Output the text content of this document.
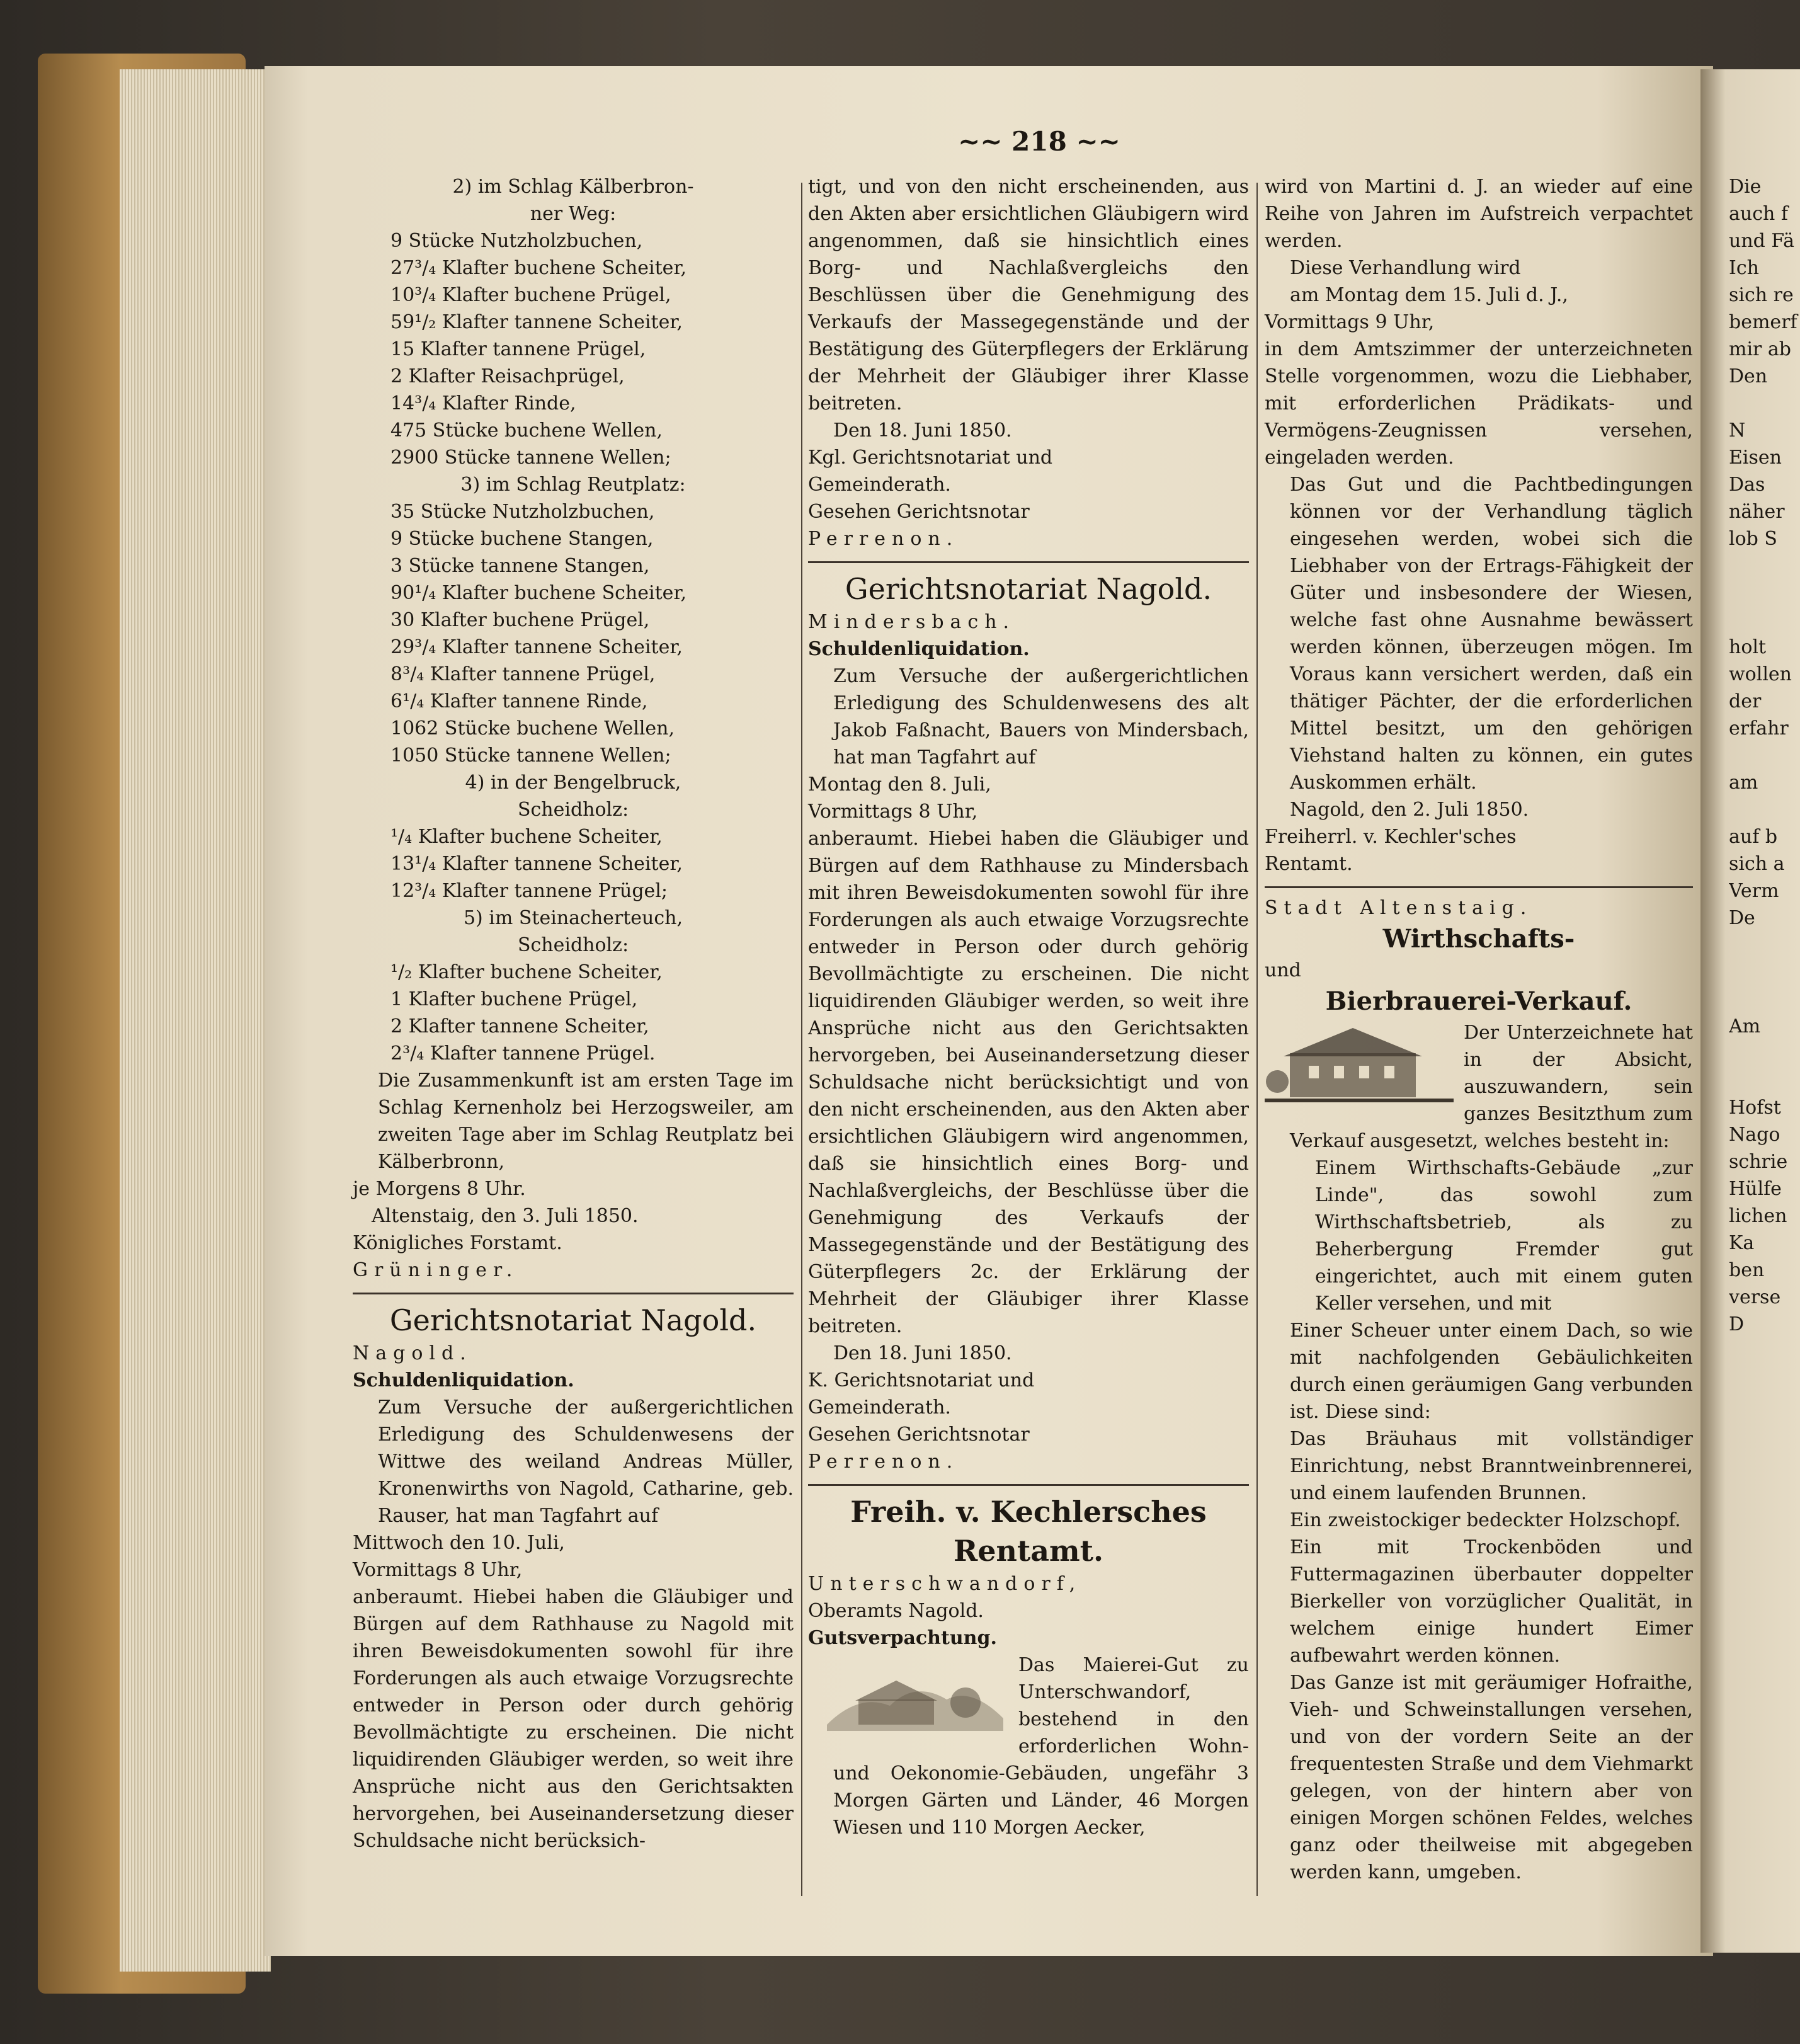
~~ 218 ~~

2) im Schlag Kälberbron-

ner Weg:

9 Stücke Nutzholzbuchen,

27³/₄ Klafter buchene Scheiter,

10³/₄ Klafter buchene Prügel,

59¹/₂ Klafter tannene Scheiter,

15 Klafter tannene Prügel,

2 Klafter Reisachprügel,

14³/₄ Klafter Rinde,

475 Stücke buchene Wellen,

2900 Stücke tannene Wellen;

3) im Schlag Reutplatz:

35 Stücke Nutzholzbuchen,

9 Stücke buchene Stangen,

3 Stücke tannene Stangen,

90¹/₄ Klafter buchene Scheiter,

30 Klafter buchene Prügel,

29³/₄ Klafter tannene Scheiter,

8³/₄ Klafter tannene Prügel,

6¹/₄ Klafter tannene Rinde,

1062 Stücke buchene Wellen,

1050 Stücke tannene Wellen;

4) in der Bengelbruck,

Scheidholz:

¹/₄ Klafter buchene Scheiter,

13¹/₄ Klafter tannene Scheiter,

12³/₄ Klafter tannene Prügel;

5) im Steinacherteuch,

Scheidholz:

¹/₂ Klafter buchene Scheiter,

1 Klafter buchene Prügel,

2 Klafter tannene Scheiter,

2³/₄ Klafter tannene Prügel.

Die Zusammenkunft ist am ersten Tage im Schlag Kernenholz bei Herzogsweiler, am zweiten Tage aber im Schlag Reutplatz bei Kälberbronn,

je Morgens 8 Uhr.

Altenstaig, den 3. Juli 1850.

Königliches Forstamt.

Grüninger.

Gerichtsnotariat Nagold.

Nagold.

Schuldenliquidation.

Zum Versuche der außergerichtlichen Erledigung des Schuldenwesens der Wittwe des weiland Andreas Müller, Kronenwirths von Nagold, Catharine, geb. Rauser, hat man Tagfahrt auf

Mittwoch den 10. Juli,

Vormittags 8 Uhr,

anberaumt. Hiebei haben die Gläubiger und Bürgen auf dem Rathhause zu Nagold mit ihren Beweisdokumenten sowohl für ihre Forderungen als auch etwaige Vorzugsrechte entweder in Person oder durch gehörig Bevollmächtigte zu erscheinen. Die nicht liquidirenden Gläubiger werden, so weit ihre Ansprüche nicht aus den Gerichtsakten hervorgehen, bei Auseinandersetzung dieser Schuldsache nicht berücksich-

tigt, und von den nicht erscheinenden, aus den Akten aber ersichtlichen Gläubigern wird angenommen, daß sie hinsichtlich eines Borg- und Nachlaßvergleichs den Beschlüssen über die Genehmigung des Verkaufs der Massegegenstände und der Bestätigung des Güterpflegers der Erklärung der Mehrheit der Gläubiger ihrer Klasse beitreten.

Den 18. Juni 1850.

Kgl. Gerichtsnotariat und

Gemeinderath.

Gesehen Gerichtsnotar

Perrenon.

Gerichtsnotariat Nagold.

Mindersbach.

Schuldenliquidation.

Zum Versuche der außergerichtlichen Erledigung des Schuldenwesens des alt Jakob Faßnacht, Bauers von Mindersbach, hat man Tagfahrt auf

Montag den 8. Juli,

Vormittags 8 Uhr,

anberaumt. Hiebei haben die Gläubiger und Bürgen auf dem Rathhause zu Mindersbach mit ihren Beweisdokumenten sowohl für ihre Forderungen als auch etwaige Vorzugsrechte entweder in Person oder durch gehörig Bevollmächtigte zu erscheinen. Die nicht liquidirenden Gläubiger werden, so weit ihre Ansprüche nicht aus den Gerichtsakten hervorgeben, bei Auseinandersetzung dieser Schuldsache nicht berücksichtigt und von den nicht erscheinenden, aus den Akten aber ersichtlichen Gläubigern wird angenommen, daß sie hinsichtlich eines Borg- und Nachlaßvergleichs, der Beschlüsse über die Genehmigung des Verkaufs der Massegegenstände und der Bestätigung des Güterpflegers 2c. der Erklärung der Mehrheit der Gläubiger ihrer Klasse beitreten.

Den 18. Juni 1850.

K. Gerichtsnotariat und

Gemeinderath.

Gesehen Gerichtsnotar

Perrenon.

Freih. v. Kechlersches Rentamt.

Unterschwandorf,

Oberamts Nagold.

Gutsverpachtung.

Das Maierei-Gut zu Unterschwandorf, bestehend in den erforderlichen Wohn- und Oekonomie-Gebäuden, ungefähr 3 Morgen Gärten und Länder, 46 Morgen Wiesen und 110 Morgen Aecker,

wird von Martini d. J. an wieder auf eine Reihe von Jahren im Aufstreich verpachtet werden.

Diese Verhandlung wird

am Montag dem 15. Juli d. J.,

Vormittags 9 Uhr,

in dem Amtszimmer der unterzeichneten Stelle vorgenommen, wozu die Liebhaber, mit erforderlichen Prädikats- und Vermögens-Zeugnissen versehen, eingeladen werden.

Das Gut und die Pachtbedingungen können vor der Verhandlung täglich eingesehen werden, wobei sich die Liebhaber von der Ertrags-Fähigkeit der Güter und insbesondere der Wiesen, welche fast ohne Ausnahme bewässert werden können, überzeugen mögen. Im Voraus kann versichert werden, daß ein thätiger Pächter, der die erforderlichen Mittel besitzt, um den gehörigen Viehstand halten zu können, ein gutes Auskommen erhält.

Nagold, den 2. Juli 1850.

Freiherrl. v. Kechler'sches

Rentamt.

Stadt Altenstaig.

Wirthschafts-

und

Bierbrauerei-Verkauf.

Der Unterzeichnete hat in der Absicht, auszuwandern, sein ganzes Besitzthum zum Verkauf ausgesetzt, welches besteht in:

Einem Wirthschafts-Gebäude „zur Linde", das sowohl zum Wirthschaftsbetrieb, als zu Beherbergung Fremder gut eingerichtet, auch mit einem guten Keller versehen, und mit

Einer Scheuer unter einem Dach, so wie mit nachfolgenden Gebäulichkeiten durch einen geräumigen Gang verbunden ist. Diese sind:

Das Bräuhaus mit vollständiger Einrichtung, nebst Branntweinbrennerei, und einem laufenden Brunnen.

Ein zweistockiger bedeckter Holzschopf.

Ein mit Trockenböden und Futtermagazinen überbauter doppelter Bierkeller von vorzüglicher Qualität, in welchem einige hundert Eimer aufbewahrt werden können.

Das Ganze ist mit geräumiger Hofraithe, Vieh- und Schweinstallungen versehen, und von der vordern Seite an der frequentesten Straße und dem Viehmarkt gelegen, von der hintern aber von einigen Morgen schönen Feldes, welches ganz oder theilweise mit abgegeben werden kann, umgeben.

Die

auch f

und Fä

Ich

sich re

bemerf

mir ab

Den

N

Eisen

Das

näher

lob S

holt

wollen

der

erfahr

am

auf b

sich a

Verm

De

Am

Hofst

Nago

schrie

Hülfe

lichen

Ka

ben

verse

D
